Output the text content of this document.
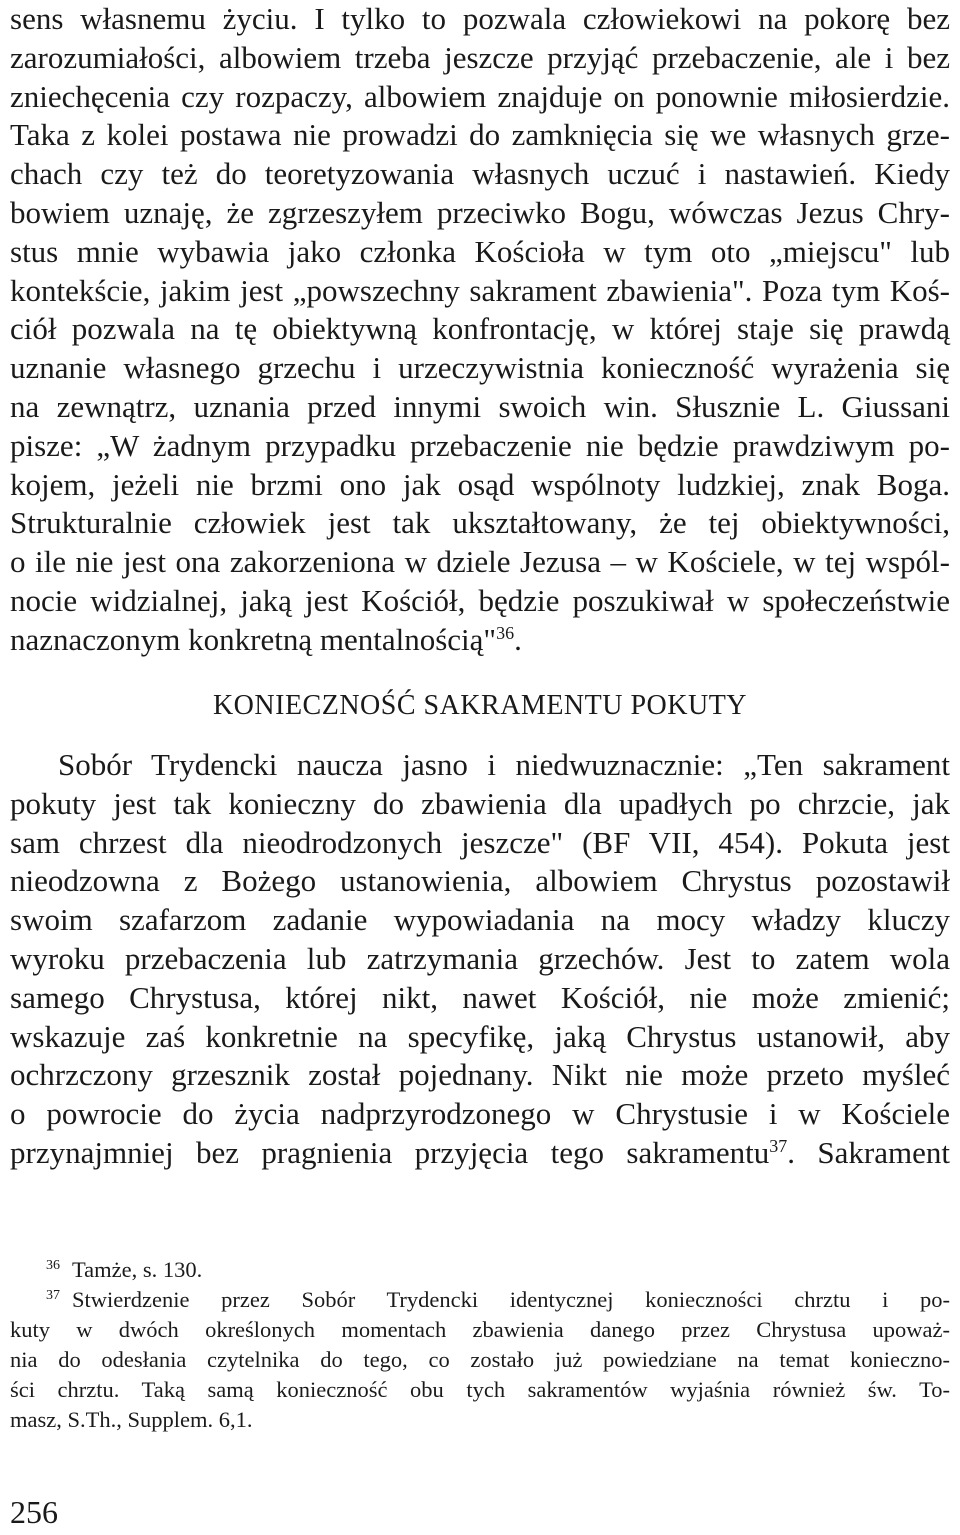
sens własnemu życiu. I tylko to pozwala człowiekowi na pokorę bez
zarozumiałości, albowiem trzeba jeszcze przyjąć przebaczenie, ale i bez
zniechęcenia czy rozpaczy, albowiem znajduje on ponownie miłosierdzie.
Taka z kolei postawa nie prowadzi do zamknięcia się we własnych grze-
chach czy też do teoretyzowania własnych uczuć i nastawień. Kiedy
bowiem uznaję, że zgrzeszyłem przeciwko Bogu, wówczas Jezus Chry-
stus mnie wybawia jako członka Kościoła w tym oto „miejscu" lub
kontekście, jakim jest „powszechny sakrament zbawienia". Poza tym Koś-
ciół pozwala na tę obiektywną konfrontację, w której staje się prawdą
uznanie własnego grzechu i urzeczywistnia konieczność wyrażenia się
na zewnątrz, uznania przed innymi swoich win. Słusznie L. Giussani
pisze: „W żadnym przypadku przebaczenie nie będzie prawdziwym po-
kojem, jeżeli nie brzmi ono jak osąd wspólnoty ludzkiej, znak Boga.
Strukturalnie człowiek jest tak ukształtowany, że tej obiektywności,
o ile nie jest ona zakorzeniona w dziele Jezusa – w Kościele, w tej wspól-
nocie widzialnej, jaką jest Kościół, będzie poszukiwał w społeczeństwie
naznaczonym konkretną mentalnością"$^{36}$.
KONIECZNOŚĆ SAKRAMENTU POKUTY
Sobór Trydencki naucza jasno i niedwuznacznie: „Ten sakrament
pokuty jest tak konieczny do zbawienia dla upadłych po chrzcie, jak
sam chrzest dla nieodrodzonych jeszcze" (BF VII, 454). Pokuta jest
nieodzowna z Bożego ustanowienia, albowiem Chrystus pozostawił
swoim szafarzom zadanie wypowiadania na mocy władzy kluczy
wyroku przebaczenia lub zatrzymania grzechów. Jest to zatem wola
samego Chrystusa, której nikt, nawet Kościół, nie może zmienić;
wskazuje zaś konkretnie na specyfikę, jaką Chrystus ustanowił, aby
ochrzczony grzesznik został pojednany. Nikt nie może przeto myśleć
o powrocie do życia nadprzyrodzonego w Chrystusie i w Kościele
przynajmniej bez pragnienia przyjęcia tego sakramentu$^{37}$. Sakrament
36 Tamże, s. 130.
37 Stwierdzenie przez Sobór Trydencki identycznej konieczności chrztu i po-
kuty w dwóch określonych momentach zbawienia danego przez Chrystusa upoważ-
nia do odesłania czytelnika do tego, co zostało już powiedziane na temat konieczno-
ści chrztu. Taką samą konieczność obu tych sakramentów wyjaśnia również św. To-
masz, S.Th., Supplem. 6,1.
256
